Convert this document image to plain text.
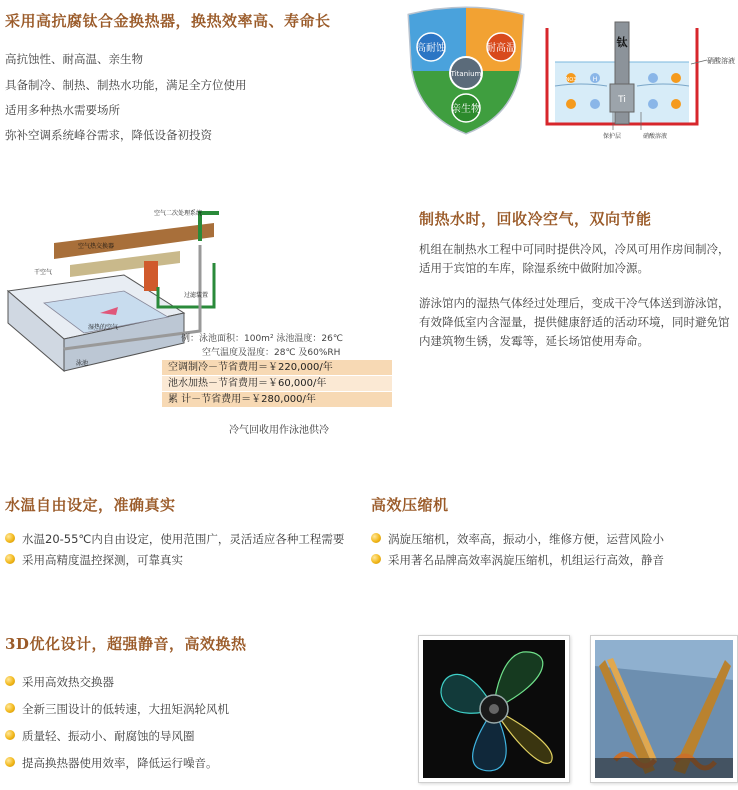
采用高抗腐钛合金换热器，换热效率高、寿命长
高抗蚀性、耐高温、亲生物
具备制冷、制热、制热水功能，满足全方位使用
适用多种热水需要场所
弥补空调系统峰谷需求，降低设备初投资
高耐蚀	耐高温
亲生物
Titanium
钛
Ti
H
NO3
硝酸溶液
保护层	硝酸溶液
空气二次处理系统
空气热交换器
干空气
湿热的空气
过滤装置
泳池
例：泳池面积：100m² 泳池温度：26℃
空气温度及湿度：28℃ 及60%RH
空调制冷－节省费用＝￥220,000/年
池水加热－节省费用＝￥60,000/年
累 计－节省费用＝￥280,000/年
冷气回收用作泳池供冷
制热水时，回收冷空气，双向节能
机组在制热水工程中可同时提供冷风，冷风可用作房间制冷，适用于宾馆的车库，除湿系统中做附加冷源。
游泳馆内的湿热气体经过处理后，变成干冷气体送到游泳馆，有效降低室内含湿量，提供健康舒适的活动环境，同时避免馆内建筑物生锈，发霉等，延长场馆使用寿命。
水温自由设定，准确真实
水温20-55℃内自由设定，使用范围广，灵活适应各种工程需要
采用高精度温控探测，可靠真实
高效压缩机
涡旋压缩机，效率高，振动小，维修方便，运营风险小
采用著名品牌高效率涡旋压缩机，机组运行高效，静音
3D优化设计，超强静音，高效换热
采用高效热交换器
全新三围设计的低转速，大扭矩涡轮风机
质量轻、振动小、耐腐蚀的导风圈
提高换热器使用效率，降低运行噪音。
